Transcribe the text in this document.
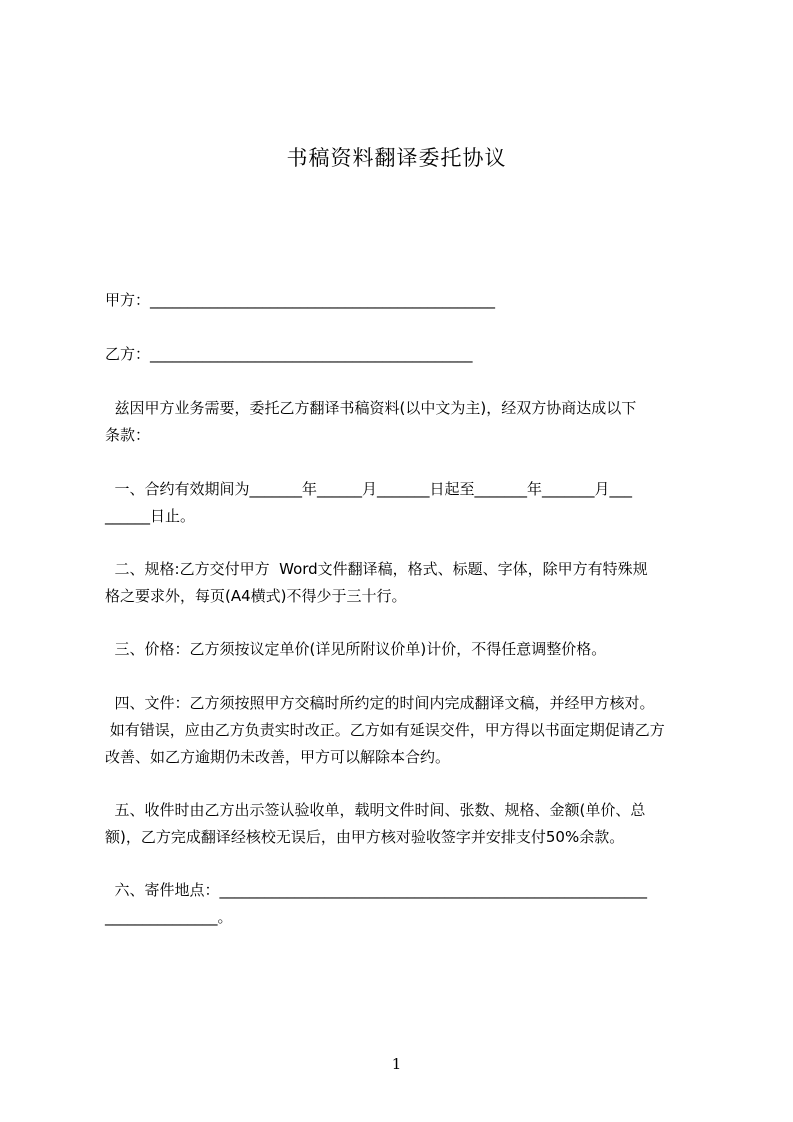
书稿资料翻译委托协议
甲方：______________________________________________
乙方：___________________________________________
兹因甲方业务需要，委托乙方翻译书稿资料(以中文为主)，经双方协商达成以下
条款：
一、合约有效期间为_______年______月_______日起至_______年_______月___
______日止。
二、规格:乙方交付甲方  Word文件翻译稿，格式、标题、字体，除甲方有特殊规
格之要求外，每页(A4横式)不得少于三十行。
三、价格：乙方须按议定单价(详见所附议价单)计价，不得任意调整价格。
四、文件：乙方须按照甲方交稿时所约定的时间内完成翻译文稿，并经甲方核对。
如有错误，应由乙方负责实时改正。乙方如有延误交件，甲方得以书面定期促请乙方
改善、如乙方逾期仍未改善，甲方可以解除本合约。
五、收件时由乙方出示签认验收单，载明文件时间、张数、规格、金额(单价、总
额)，乙方完成翻译经核校无误后，由甲方核对验收签字并安排支付50%余款。
六、寄件地点：_________________________________________________________
_______________。
1
